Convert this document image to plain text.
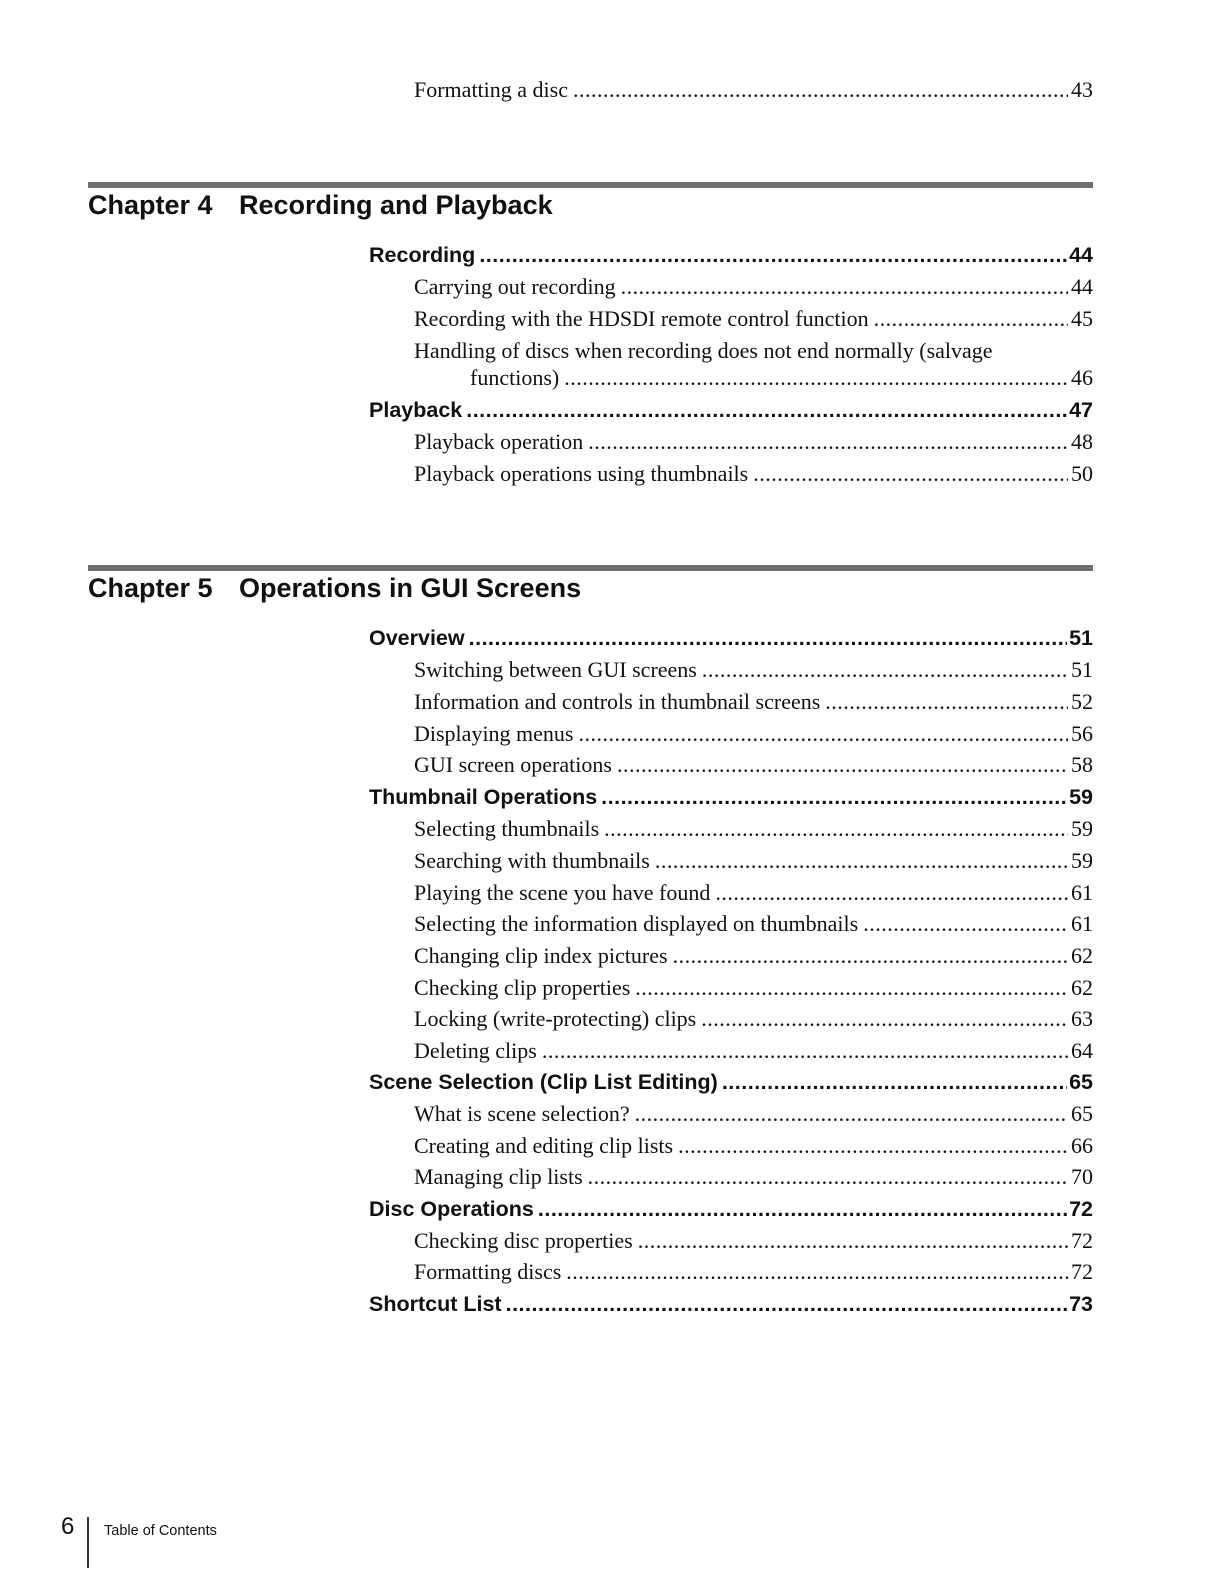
Formatting a disc .....	43
Chapter 4 Recording and Playback
Recording .....	44
Carrying out recording .....	44
Recording with the HDSDI remote control function .....	45
Handling of discs when recording does not end normally (salvage
functions) .....	46
Playback .....	47
Playback operation .....	48
Playback operations using thumbnails .....	50
Chapter 5 Operations in GUI Screens
Overview .....	51
Switching between GUI screens .....	51
Information and controls in thumbnail screens .....	52
Displaying menus .....	56
GUI screen operations .....	58
Thumbnail Operations .....	59
Selecting thumbnails .....	59
Searching with thumbnails .....	59
Playing the scene you have found .....	61
Selecting the information displayed on thumbnails .....	61
Changing clip index pictures .....	62
Checking clip properties .....	62
Locking (write-protecting) clips .....	63
Deleting clips .....	64
Scene Selection (Clip List Editing) .....	65
What is scene selection? .....	65
Creating and editing clip lists .....	66
Managing clip lists .....	70
Disc Operations .....	72
Checking disc properties .....	72
Formatting discs .....	72
Shortcut List .....	73
6 Table of Contents
